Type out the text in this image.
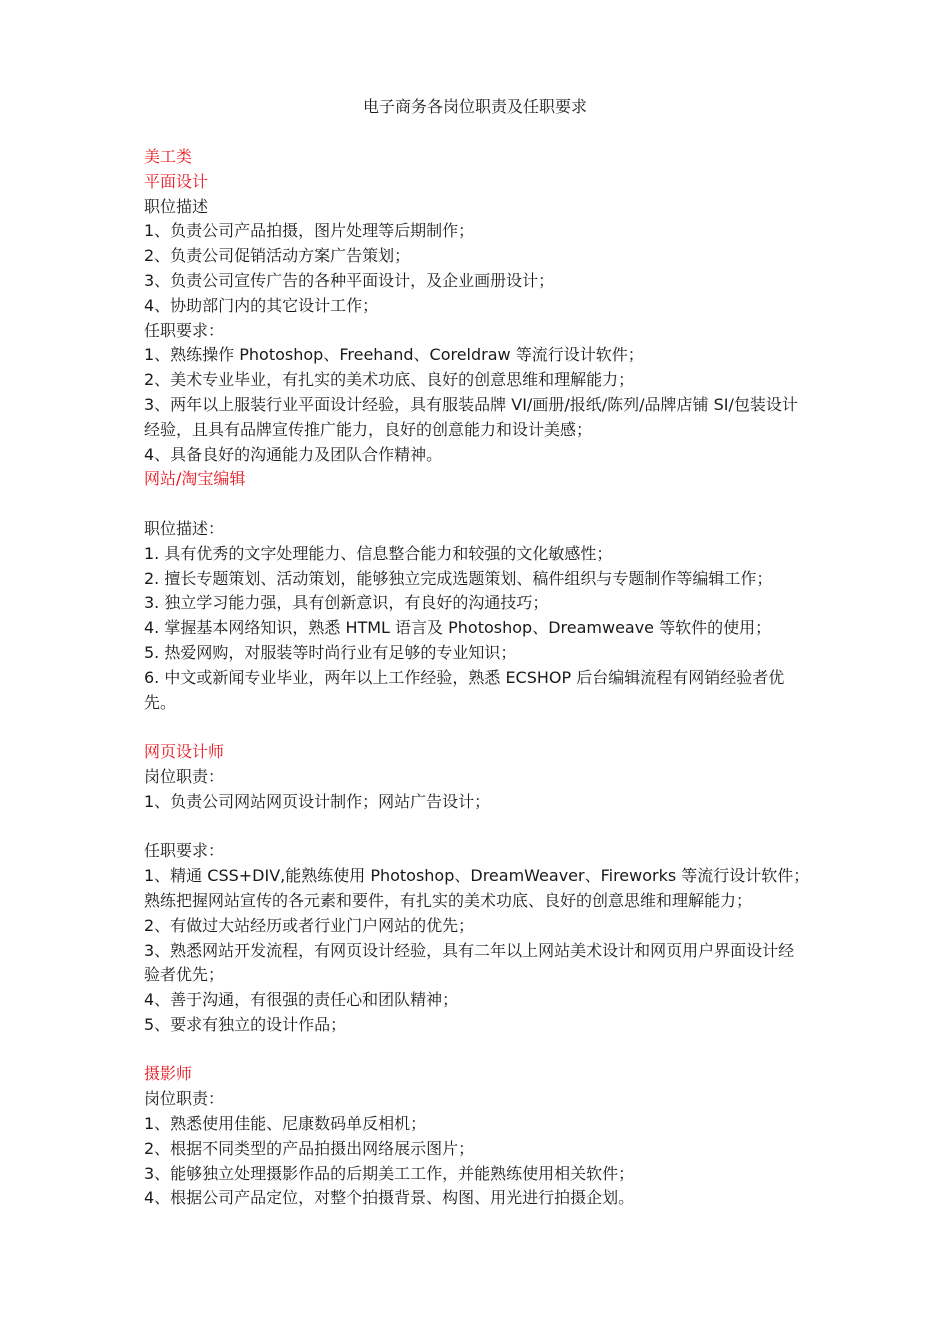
电子商务各岗位职责及任职要求
美工类
平面设计
职位描述
1、负责公司产品拍摄，图片处理等后期制作；
2、负责公司促销活动方案广告策划；
3、负责公司宣传广告的各种平面设计，及企业画册设计；
4、协助部门内的其它设计工作；
任职要求：
1、熟练操作 Photoshop、Freehand、Coreldraw 等流行设计软件；
2、美术专业毕业，有扎实的美术功底、良好的创意思维和理解能力；
3、两年以上服装行业平面设计经验，具有服装品牌 VI/画册/报纸/陈列/品牌店铺 SI/包装设计经验，且具有品牌宣传推广能力，良好的创意能力和设计美感；
4、具备良好的沟通能力及团队合作精神。
网站/淘宝编辑
职位描述：
1. 具有优秀的文字处理能力、信息整合能力和较强的文化敏感性；
2. 擅长专题策划、活动策划，能够独立完成选题策划、稿件组织与专题制作等编辑工作；
3. 独立学习能力强，具有创新意识，有良好的沟通技巧；
4. 掌握基本网络知识，熟悉 HTML 语言及 Photoshop、Dreamweave 等软件的使用；
5. 热爱网购，对服装等时尚行业有足够的专业知识；
6. 中文或新闻专业毕业，两年以上工作经验，熟悉 ECSHOP 后台编辑流程有网销经验者优先。
网页设计师
岗位职责：
1、负责公司网站网页设计制作；网站广告设计；
任职要求：
1、精通 CSS+DIV,能熟练使用 Photoshop、DreamWeaver、Fireworks 等流行设计软件；
熟练把握网站宣传的各元素和要件，有扎实的美术功底、良好的创意思维和理解能力；
2、有做过大站经历或者行业门户网站的优先；
3、熟悉网站开发流程，有网页设计经验，具有二年以上网站美术设计和网页用户界面设计经验者优先；
4、善于沟通，有很强的责任心和团队精神；
5、要求有独立的设计作品；
摄影师
岗位职责：
1、熟悉使用佳能、尼康数码单反相机；
2、根据不同类型的产品拍摄出网络展示图片；
3、能够独立处理摄影作品的后期美工工作，并能熟练使用相关软件；
4、根据公司产品定位，对整个拍摄背景、构图、用光进行拍摄企划。
